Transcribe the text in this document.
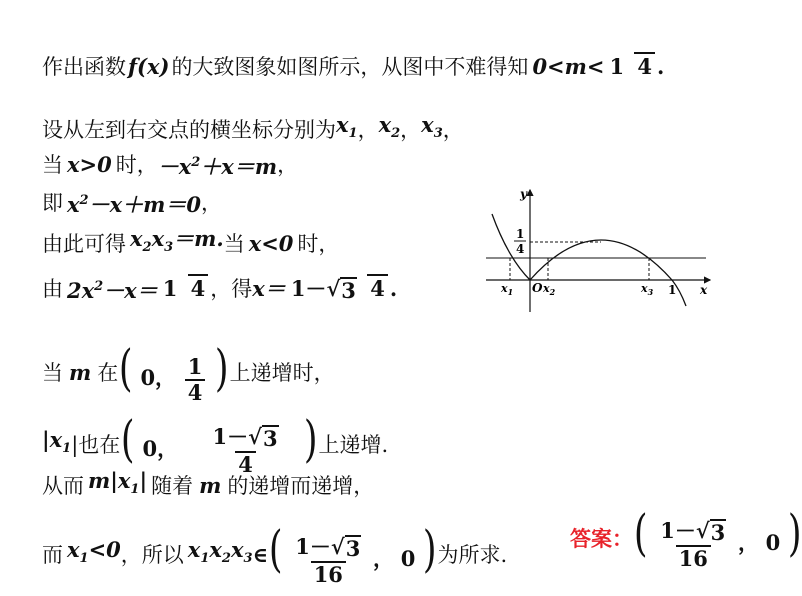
作出函数 f(x) 的大致图象如图所示，从图中不难得知 0<m< 1 4 .
设从左到右交点的横坐标分别为 $x_1$ ， $x_2$ ， $x_3$ ，
当 x>0 时， $-x^2+x=m$ ，
即 $x^2-x+m=0$ ，
由此可得 $x_2x_3=m$. 当 x<0 时，
由 $2x^2-x= 1$ 4 ，得 x＝ 1－ √ 3 4 .
当 m 在 ( 0， $\frac{1}{4}$ ) 上递增时，
$|x_1$ |也在 ( 0， $\frac{1- √ 3}{4}$ ) 上递增.
从而 $m|x_1|$ 随着 m 的递增而递增，
而 $x_1<0$ ，所以 $x_1x_2x_3$ ∈ ( $\frac{1- √ 3}{16}$ ， 0 ) 为所求.
答案： ( $\frac{1- √ 3}{16}$ ， 0 )
y
x
1
4
O
$x_1$	$x_2$	$x_3$ 1
